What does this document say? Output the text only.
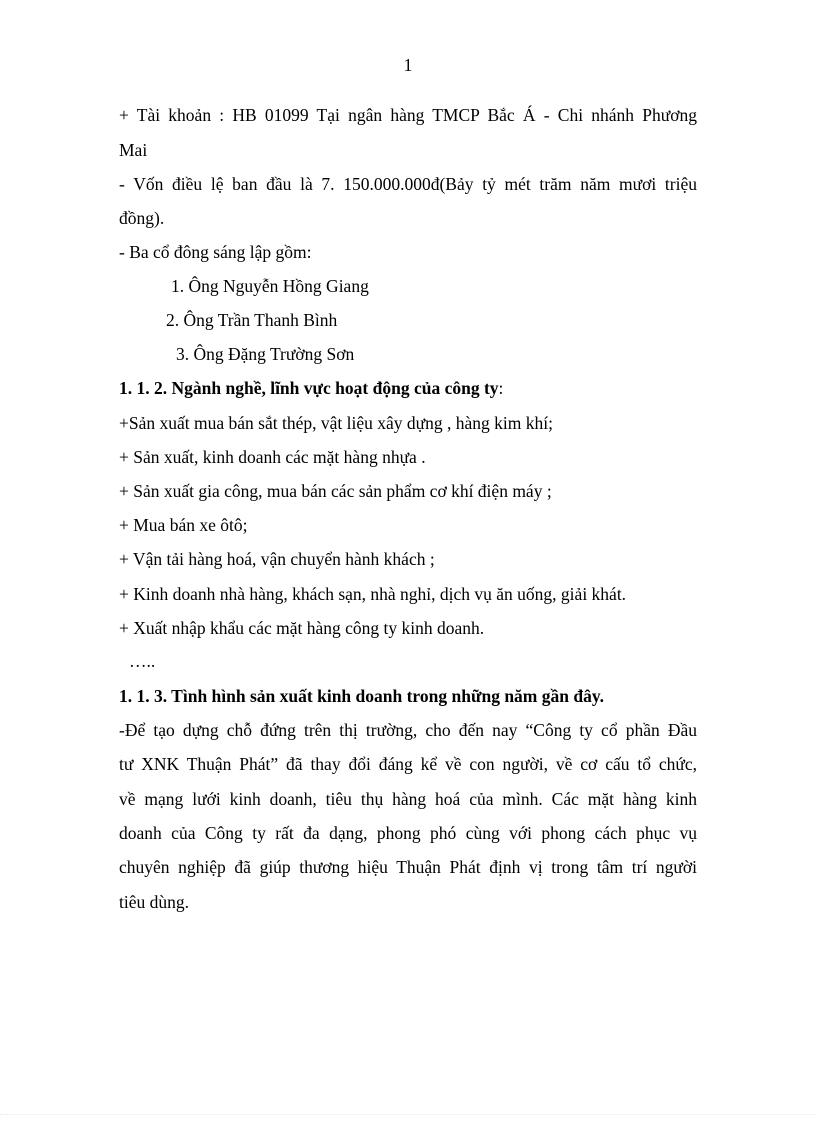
1
+ Tài khoản : HB 01099 Tại ngân hàng TMCP Bắc Á - Chi nhánh Phương
Mai
- Vốn điều lệ ban đầu là 7. 150.000.000đ(Bảy tỷ mét trăm năm mươi triệu
đồng).
- Ba cổ đông sáng lập gồm:
1. Ông Nguyễn Hồng Giang
2. Ông Trần Thanh Bình
3. Ông Đặng Trường Sơn
1. 1. 2. Ngành nghề, lĩnh vực hoạt động của công ty:
+Sản xuất mua bán sắt thép, vật liệu xây dựng , hàng kim khí;
+ Sản xuất, kinh doanh các mặt hàng nhựa .
+ Sản xuất gia công, mua bán các sản phẩm cơ khí điện máy ;
+ Mua bán xe ôtô;
+ Vận tải hàng hoá, vận chuyển hành khách ;
+ Kinh doanh nhà hàng, khách sạn, nhà nghỉ, dịch vụ ăn uống, giải khát.
+ Xuất nhập khẩu các mặt hàng công ty kinh doanh.
…..
1. 1. 3. Tình hình sản xuất kinh doanh trong những năm gần đây.
-Để tạo dựng chỗ đứng trên thị trường, cho đến nay “Công ty cổ phần Đầu
tư XNK Thuận Phát” đã thay đổi đáng kể về con người, về cơ cấu tổ chức,
về mạng lưới kinh doanh, tiêu thụ hàng hoá của mình. Các mặt hàng kinh
doanh của Công ty rất đa dạng, phong phó cùng với phong cách phục vụ
chuyên nghiệp đã giúp thương hiệu Thuận Phát định vị trong tâm trí người
tiêu dùng.
